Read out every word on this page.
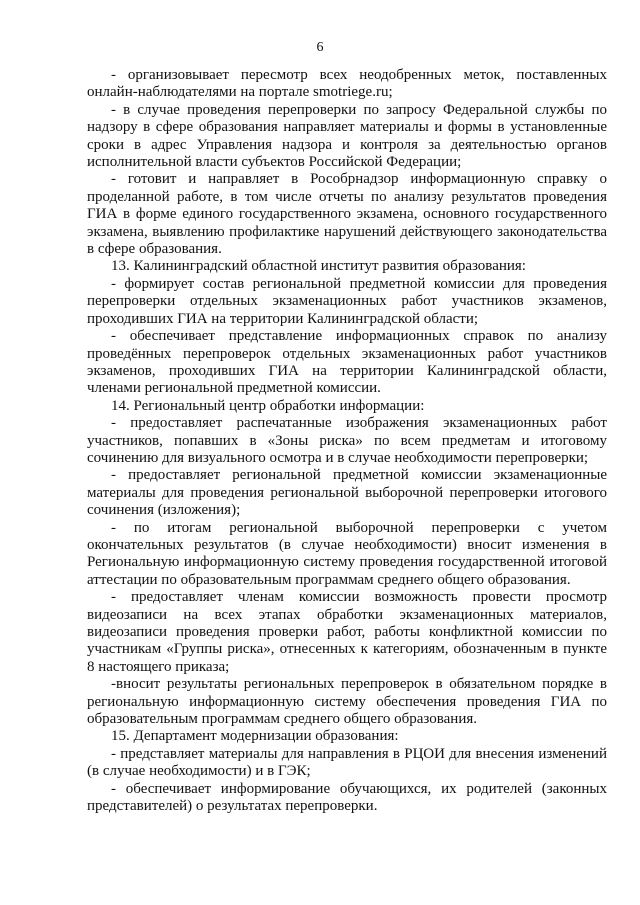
6

- организовывает пересмотр всех неодобренных меток, поставленных онлайн-наблюдателями на портале smotriege.ru;

- в случае проведения перепроверки по запросу Федеральной службы по надзору в сфере образования направляет материалы и формы в установленные сроки в адрес Управления надзора и контроля за деятельностью органов исполнительной власти субъектов Российской Федерации;

- готовит и направляет в Рособрнадзор информационную справку о проделанной работе, в том числе отчеты по анализу результатов проведения ГИА в форме единого государственного экзамена, основного государственного экзамена, выявлению профилактике нарушений действующего законодательства в сфере образования.

13. Калининградский областной институт развития образования:

- формирует состав региональной предметной комиссии для проведения перепроверки отдельных экзаменационных работ участников экзаменов, проходивших ГИА на территории Калининградской области;

- обеспечивает представление информационных справок по анализу проведённых перепроверок отдельных экзаменационных работ участников экзаменов, проходивших ГИА на территории Калининградской области, членами региональной предметной комиссии.

14. Региональный центр обработки информации:

- предоставляет распечатанные изображения экзаменационных работ участников, попавших в «Зоны риска» по всем предметам и итоговому сочинению для визуального осмотра и в случае необходимости перепроверки;

- предоставляет региональной предметной комиссии экзаменационные материалы для проведения региональной выборочной перепроверки итогового сочинения (изложения);

- по итогам региональной выборочной перепроверки с учетом окончательных результатов (в случае необходимости) вносит изменения в Региональную информационную систему проведения государственной итоговой аттестации по образовательным программам среднего общего образования.

- предоставляет членам комиссии возможность провести просмотр видеозаписи на всех этапах обработки экзаменационных материалов, видеозаписи проведения проверки работ, работы конфликтной комиссии по участникам «Группы риска», отнесенных к категориям, обозначенным в пункте 8 настоящего приказа;

-вносит результаты региональных перепроверок в обязательном порядке в региональную информационную систему обеспечения проведения ГИА по образовательным программам среднего общего образования.

15. Департамент модернизации образования:

- представляет материалы для направления в РЦОИ для внесения изменений (в случае необходимости) и в ГЭК;

- обеспечивает информирование обучающихся, их родителей (законных представителей) о результатах перепроверки.
